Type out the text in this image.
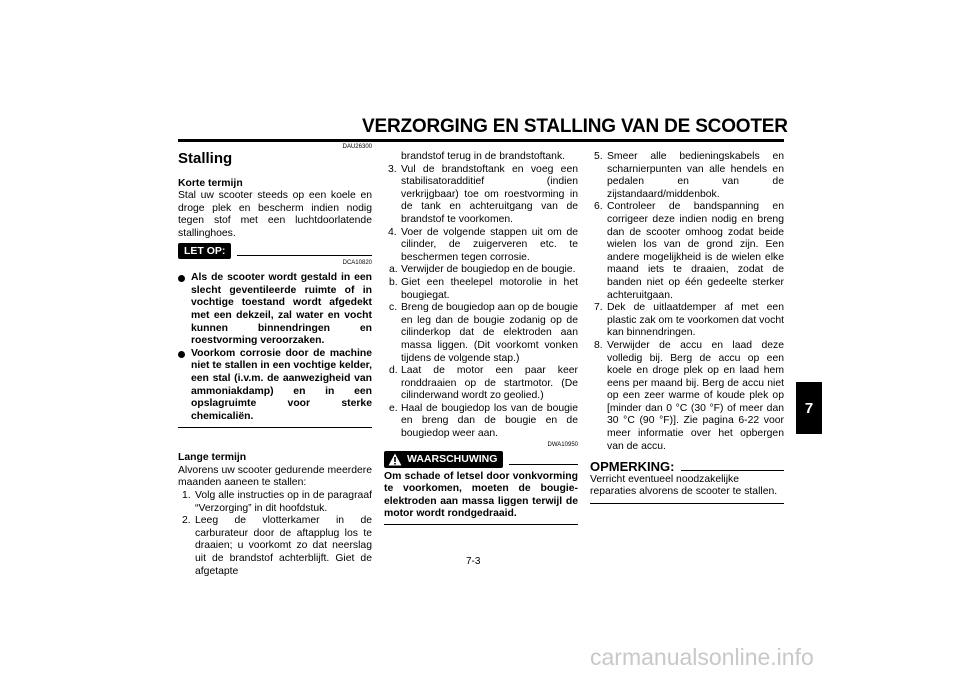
VERZORGING EN STALLING VAN DE SCOOTER
7
DAU26300
Stalling
Korte termijn
Stal uw scooter steeds op een koele en droge plek en bescherm indien nodig tegen stof met een luchtdoorlatende stallinghoes.
LET OP:
DCA10820
Als de scooter wordt gestald in een slecht geventileerde ruimte of in vochtige toestand wordt afgedekt met een dekzeil, zal water en vocht kunnen binnendringen en roestvorming veroorzaken.
Voorkom corrosie door de machine niet te stallen in een vochtige kelder, een stal (i.v.m. de aanwezigheid van ammoniakdamp) en in een opslagruimte voor sterke chemicaliën.
Lange termijn
Alvorens uw scooter gedurende meerdere maanden aaneen te stallen:
1. Volg alle instructies op in de paragraaf “Verzorging” in dit hoofdstuk.
2. Leeg de vlotterkamer in de carburateur door de aftapplug los te draaien; u voorkomt zo dat neerslag uit de brandstof achterblijft. Giet de afgetapte
brandstof terug in de brandstoftank.
3. Vul de brandstoftank en voeg een stabilisatoradditief (indien verkrijgbaar) toe om roestvorming in de tank en achteruitgang van de brandstof te voorkomen.
4. Voer de volgende stappen uit om de cilinder, de zuigerveren etc. te beschermen tegen corrosie.
a. Verwijder de bougiedop en de bougie.
b. Giet een theelepel motorolie in het bougiegat.
c. Breng de bougiedop aan op de bougie en leg dan de bougie zodanig op de cilinderkop dat de elektroden aan massa liggen. (Dit voorkomt vonken tijdens de volgende stap.)
d. Laat de motor een paar keer ronddraaien op de startmotor. (De cilinderwand wordt zo geolied.)
e. Haal de bougiedop los van de bougie en breng dan de bougie en de bougiedop weer aan.
DWA10950
WAARSCHUWING
Om schade of letsel door vonkvorming te voorkomen, moeten de bougie-elektroden aan massa liggen terwijl de motor wordt rondgedraaid.
5. Smeer alle bedieningskabels en scharnierpunten van alle hendels en pedalen en van de zijstandaard/middenbok.
6. Controleer de bandspanning en corrigeer deze indien nodig en breng dan de scooter omhoog zodat beide wielen los van de grond zijn. Een andere mogelijkheid is de wielen elke maand iets te draaien, zodat de banden niet op één gedeelte sterker achteruitgaan.
7. Dek de uitlaatdemper af met een plastic zak om te voorkomen dat vocht kan binnendringen.
8. Verwijder de accu en laad deze volledig bij. Berg de accu op een koele en droge plek op en laad hem eens per maand bij. Berg de accu niet op een zeer warme of koude plek op [minder dan 0 °C (30 °F) of meer dan 30 °C (90 °F)]. Zie pagina 6-22 voor meer informatie over het opbergen van de accu.
OPMERKING:
Verricht eventueel noodzakelijke reparaties alvorens de scooter te stallen.
7-3
carmanualsonline.info
